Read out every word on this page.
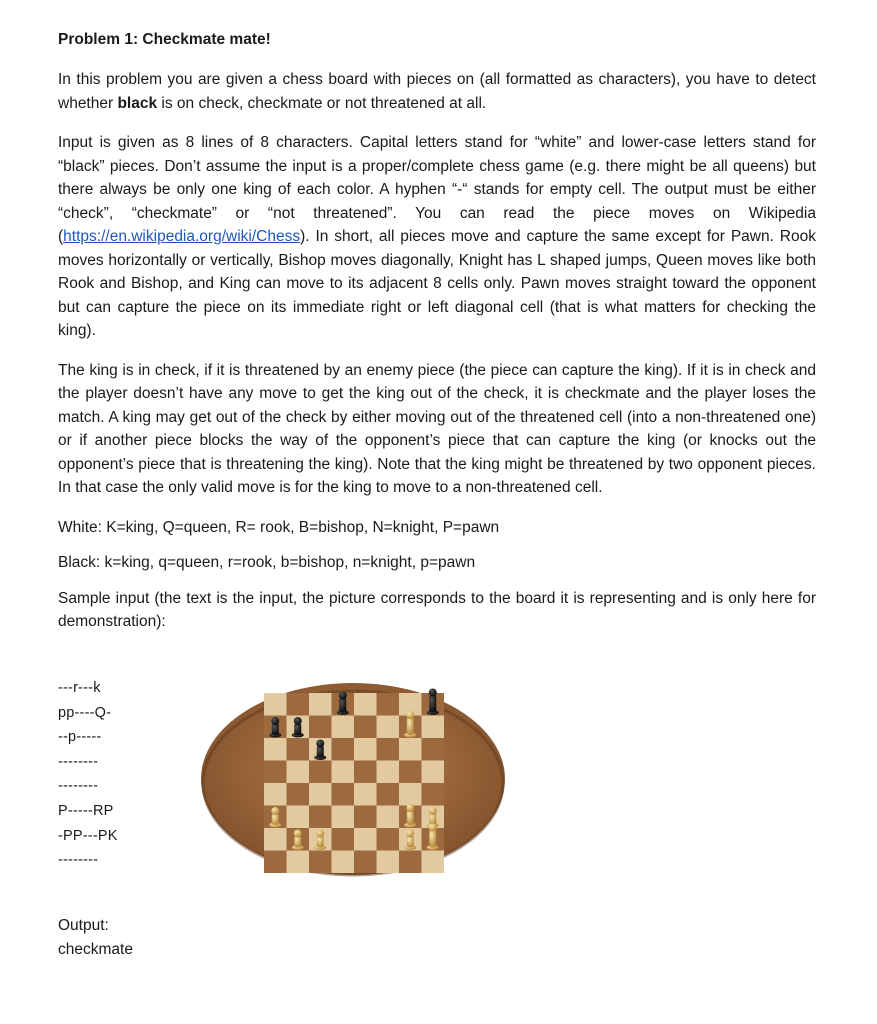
Problem 1: Checkmate mate!

In this problem you are given a chess board with pieces on (all formatted as characters), you have to detect whether black is on check, checkmate or not threatened at all.

Input is given as 8 lines of 8 characters. Capital letters stand for “white” and lower-case letters stand for “black” pieces. Don’t assume the input is a proper/complete chess game (e.g. there might be all queens) but there always be only one king of each color. A hyphen “-“ stands for empty cell. The output must be either “check”, “checkmate” or “not threatened”. You can read the piece moves on Wikipedia (https://en.wikipedia.org/wiki/Chess). In short, all pieces move and capture the same except for Pawn. Rook moves horizontally or vertically, Bishop moves diagonally, Knight has L shaped jumps, Queen moves like both Rook and Bishop, and King can move to its adjacent 8 cells only. Pawn moves straight toward the opponent but can capture the piece on its immediate right or left diagonal cell (that is what matters for checking the king).

The king is in check, if it is threatened by an enemy piece (the piece can capture the king). If it is in check and the player doesn’t have any move to get the king out of the check, it is checkmate and the player loses the match. A king may get out of the check by either moving out of the threatened cell (into a non-threatened one) or if another piece blocks the way of the opponent’s piece that can capture the king (or knocks out the opponent’s piece that is threatening the king). Note that the king might be threatened by two opponent pieces. In that case the only valid move is for the king to move to a non-threatened cell.

White: K=king, Q=queen, R= rook, B=bishop, N=knight, P=pawn

Black: k=king, q=queen, r=rook, b=bishop, n=knight, p=pawn

Sample input (the text is the input, the picture corresponds to the board it is representing and is only here for demonstration):

---r---k
pp----Q-
--p-----
--------
--------
P-----RP
-PP---PK
--------
Output:
checkmate
